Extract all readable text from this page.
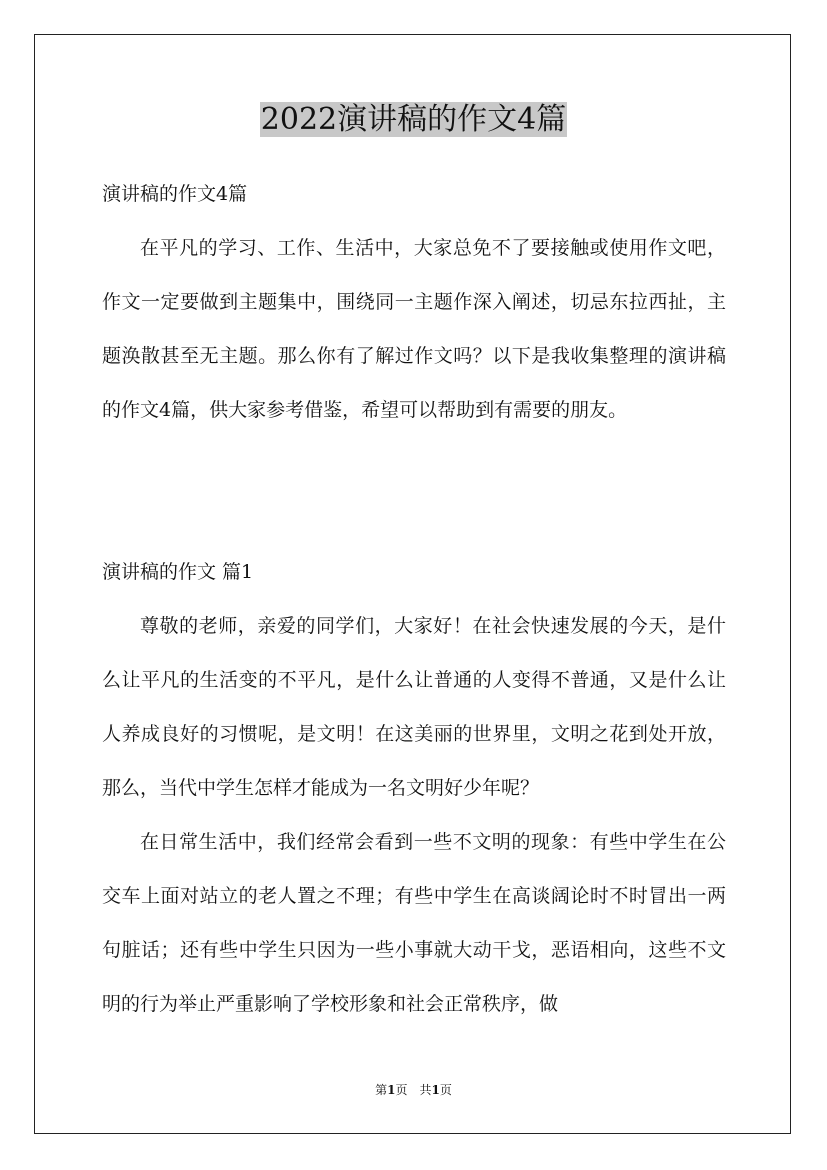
2022演讲稿的作文4篇

演讲稿的作文4篇

在平凡的学习、工作、生活中，大家总免不了要接触或使用作文吧，作文一定要做到主题集中，围绕同一主题作深入阐述，切忌东拉西扯，主题涣散甚至无主题。那么你有了解过作文吗？以下是我收集整理的演讲稿的作文4篇，供大家参考借鉴，希望可以帮助到有需要的朋友。

演讲稿的作文 篇1

尊敬的老师，亲爱的同学们，大家好！在社会快速发展的今天，是什么让平凡的生活变的不平凡，是什么让普通的人变得不普通，又是什么让人养成良好的习惯呢，是文明！在这美丽的世界里，文明之花到处开放，那么，当代中学生怎样才能成为一名文明好少年呢？

在日常生活中，我们经常会看到一些不文明的现象：有些中学生在公交车上面对站立的老人置之不理；有些中学生在高谈阔论时不时冒出一两句脏话；还有些中学生只因为一些小事就大动干戈，恶语相向，这些不文明的行为举止严重影响了学校形象和社会正常秩序，做

第1页　共1页
